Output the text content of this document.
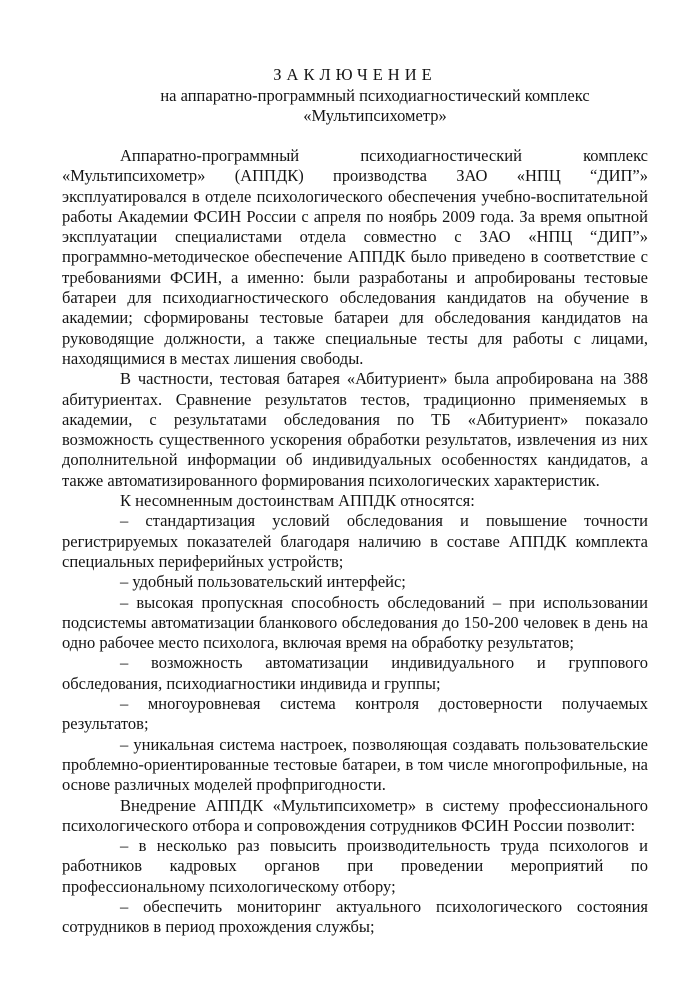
ЗАКЛЮЧЕНИЕ
на аппаратно-программный психодиагностический комплекс
«Мультипсихометр»

Аппаратно-программный психодиагностический комплекс «Мультипсихометр» (АППДК) производства ЗАО «НПЦ “ДИП”» эксплуатировался в отделе психологического обеспечения учебно-воспитательной работы Академии ФСИН России с апреля по ноябрь 2009 года. За время опытной эксплуатации специалистами отдела совместно с ЗАО «НПЦ “ДИП”» программно-методическое обеспечение АППДК было приведено в соответствие с требованиями ФСИН, а именно: были разработаны и апробированы тестовые батареи для психодиагностического обследования кандидатов на обучение в академии; сформированы тестовые батареи для обследования кандидатов на руководящие должности, а также специальные тесты для работы с лицами, находящимися в местах лишения свободы.

В частности, тестовая батарея «Абитуриент» была апробирована на 388 абитуриентах. Сравнение результатов тестов, традиционно применяемых в академии, с результатами обследования по ТБ «Абитуриент» показало возможность существенного ускорения обработки результатов, извлечения из них дополнительной информации об индивидуальных особенностях кандидатов, а также автоматизированного формирования психологических характеристик.

К несомненным достоинствам АППДК относятся:

– стандартизация условий обследования и повышение точности регистрируемых показателей благодаря наличию в составе АППДК комплекта специальных периферийных устройств;

– удобный пользовательский интерфейс;

– высокая пропускная способность обследований – при использовании подсистемы автоматизации бланкового обследования до 150-200 человек в день на одно рабочее место психолога, включая время на обработку результатов;

– возможность автоматизации индивидуального и группового обследования, психодиагностики индивида и группы;

– многоуровневая система контроля достоверности получаемых результатов;

– уникальная система настроек, позволяющая создавать пользовательские проблемно-ориентированные тестовые батареи, в том числе многопрофильные, на основе различных моделей профпригодности.

Внедрение АППДК «Мультипсихометр» в систему профессионального психологического отбора и сопровождения сотрудников ФСИН России позволит:

– в несколько раз повысить производительность труда психологов и работников кадровых органов при проведении мероприятий по профессиональному психологическому отбору;

– обеспечить мониторинг актуального психологического состояния сотрудников в период прохождения службы;
